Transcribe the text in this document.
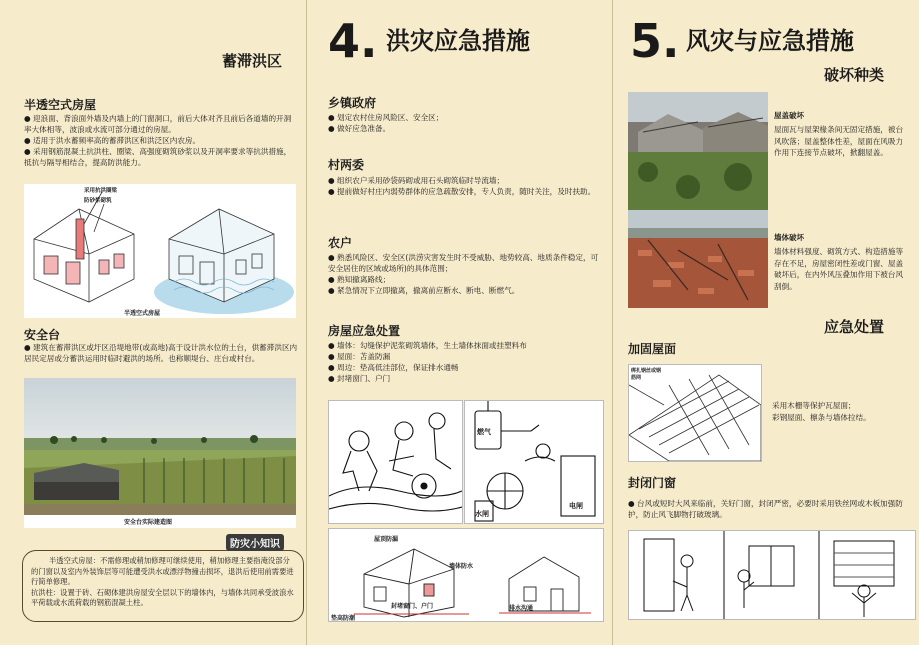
蓄滞洪区
半透空式房屋

● 迎浪面、背浪面外墙及内墙上的门窗洞口，前后大体对齐且前后各道墙的开洞率大体相等，波浪或水流可部分通过的房屋。
● 适用于洪水蓄频率高的蓄滞洪区和洪泛区内农房。
● 采用钢筋混凝土抗洪柱、圈梁、高强度砌筑砂浆以及开洞率要求等抗洪措施，抵抗与隔导相结合，提高防洪能力。

采用抗洪圈梁
防砂浆砌筑
半透空式房屋
安全台

● 建筑在蓄滞洪区或圩区沿堤地带(或高地)高于设计洪水位的土台，供蓄滞洪区内居民定居或分蓄洪运用时临时避洪的场所。也称顺堤台、庄台或村台。

安全台实际建造图
防灾小知识

半透空式房屋：不需修理或稍加修理可继续使用，稍加修理主要指淹没部分的门窗以及室内外装饰层等可能遭受洪水或漂浮物撞击损坏，退洪后使用前需要进行简单修理。
抗洪柱：设置于砖、石砌体建洪房屋安全层以下的墙体内，与墙体共同承受波浪水平荷载或水流荷载的钢筋混凝土柱。

4. 洪灾应急措施
乡镇政府

● 划定农村住房风险区、安全区；
● 做好应急准备。

村两委

● 组织农户采用砂袋码砌或用石头砌筑临时导流墙；
● 提前做好村庄内弱势群体的应急疏散安排，专人负责，随时关注，及时扶助。

农户

● 熟悉风险区、安全区(洪涝灾害发生时不受威胁、地势较高、地质条件稳定，可安全居住的区域或场所)的具体范围；
● 熟知撤离路线；
● 紧急情况下立即撤离，撤离前应断水、断电、断燃气。

房屋应急处置

● 墙体：勾缝保护泥浆砌筑墙体，生土墙体抹面或挂塑料布
● 屋面：苫盖防漏
● 周边：垫高低洼部位，保证排水通畅
● 封堵窗门、户门

燃气
水闸
电闸
屋顶防漏
墙体防水
封堵窗门、户门
垫高防潮
排水沟通
5. 风灾与应急措施
破坏种类
屋盖破坏

屋面瓦与屋架椽条间无固定措施，被台风吹落；屋盖整体性差，屋面在风吸力作用下连接节点破坏，掀翻屋盖。

墙体破坏

墙体材料强度、砌筑方式、构造措施等存在不足，房屋密闭性差或门窗、屋盖破坏后，在内外风压叠加作用下被台风刮倒。

应急处置
加固屋面
绑扎钢丝或钢筋网

采用木栅等保护瓦屋面；
彩钢屋面、檩条与墙体拉结。

封闭门窗

● 台风或短时大风来临前，关好门窗，封闭严密，必要时采用铁丝网或木板加强防护，防止风飞脚物打破玻璃。
